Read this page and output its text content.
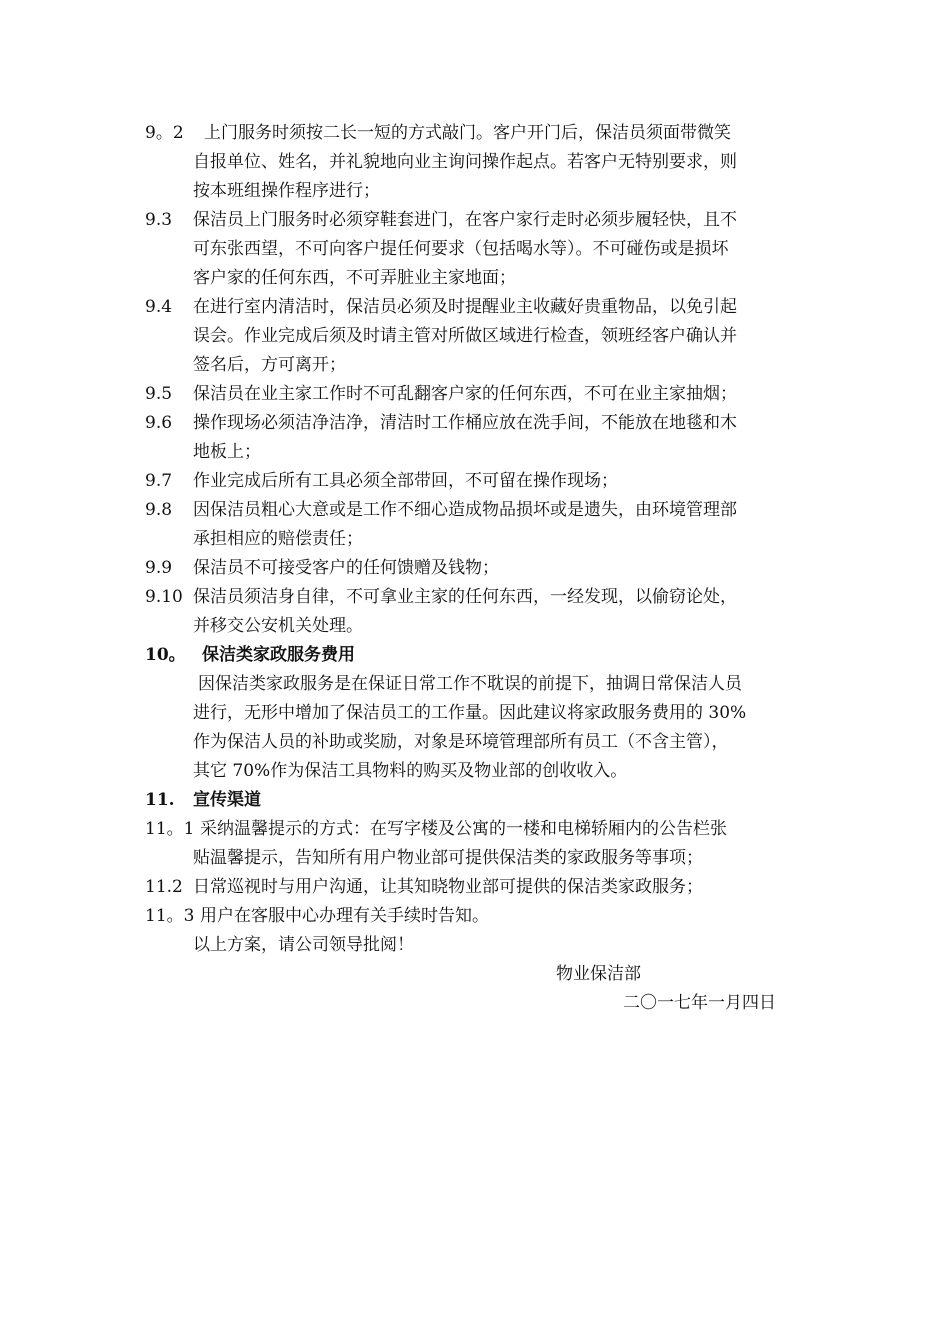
9。2 上门服务时须按二长一短的方式敲门。客户开门后，保洁员须面带微笑
自报单位、姓名，并礼貌地向业主询问操作起点。若客户无特别要求，则
按本班组操作程序进行；
9.3 保洁员上门服务时必须穿鞋套进门，在客户家行走时必须步履轻快，且不
可东张西望，不可向客户提任何要求（包括喝水等）。不可碰伤或是损坏
客户家的任何东西，不可弄脏业主家地面；
9.4 在进行室内清洁时，保洁员必须及时提醒业主收藏好贵重物品，以免引起
误会。作业完成后须及时请主管对所做区域进行检查，领班经客户确认并
签名后，方可离开；
9.5 保洁员在业主家工作时不可乱翻客户家的任何东西，不可在业主家抽烟；
9.6 操作现场必须洁净洁净，清洁时工作桶应放在洗手间，不能放在地毯和木
地板上；
9.7 作业完成后所有工具必须全部带回，不可留在操作现场；
9.8 因保洁员粗心大意或是工作不细心造成物品损坏或是遗失，由环境管理部
承担相应的赔偿责任；
9.9 保洁员不可接受客户的任何馈赠及钱物；
9.10 保洁员须洁身自律，不可拿业主家的任何东西，一经发现，以偷窃论处，
并移交公安机关处理。
10。 保洁类家政服务费用
因保洁类家政服务是在保证日常工作不耽误的前提下，抽调日常保洁人员
进行，无形中增加了保洁员工的工作量。因此建议将家政服务费用的 30%
作为保洁人员的补助或奖励，对象是环境管理部所有员工（不含主管），
其它 70%作为保洁工具物料的购买及物业部的创收收入。
11. 宣传渠道
11。1 采纳温馨提示的方式：在写字楼及公寓的一楼和电梯轿厢内的公告栏张
贴温馨提示，告知所有用户物业部可提供保洁类的家政服务等事项；
11.2 日常巡视时与用户沟通，让其知晓物业部可提供的保洁类家政服务；
11。3 用户在客服中心办理有关手续时告知。
以上方案，请公司领导批阅！
物业保洁部
二〇一七年一月四日
